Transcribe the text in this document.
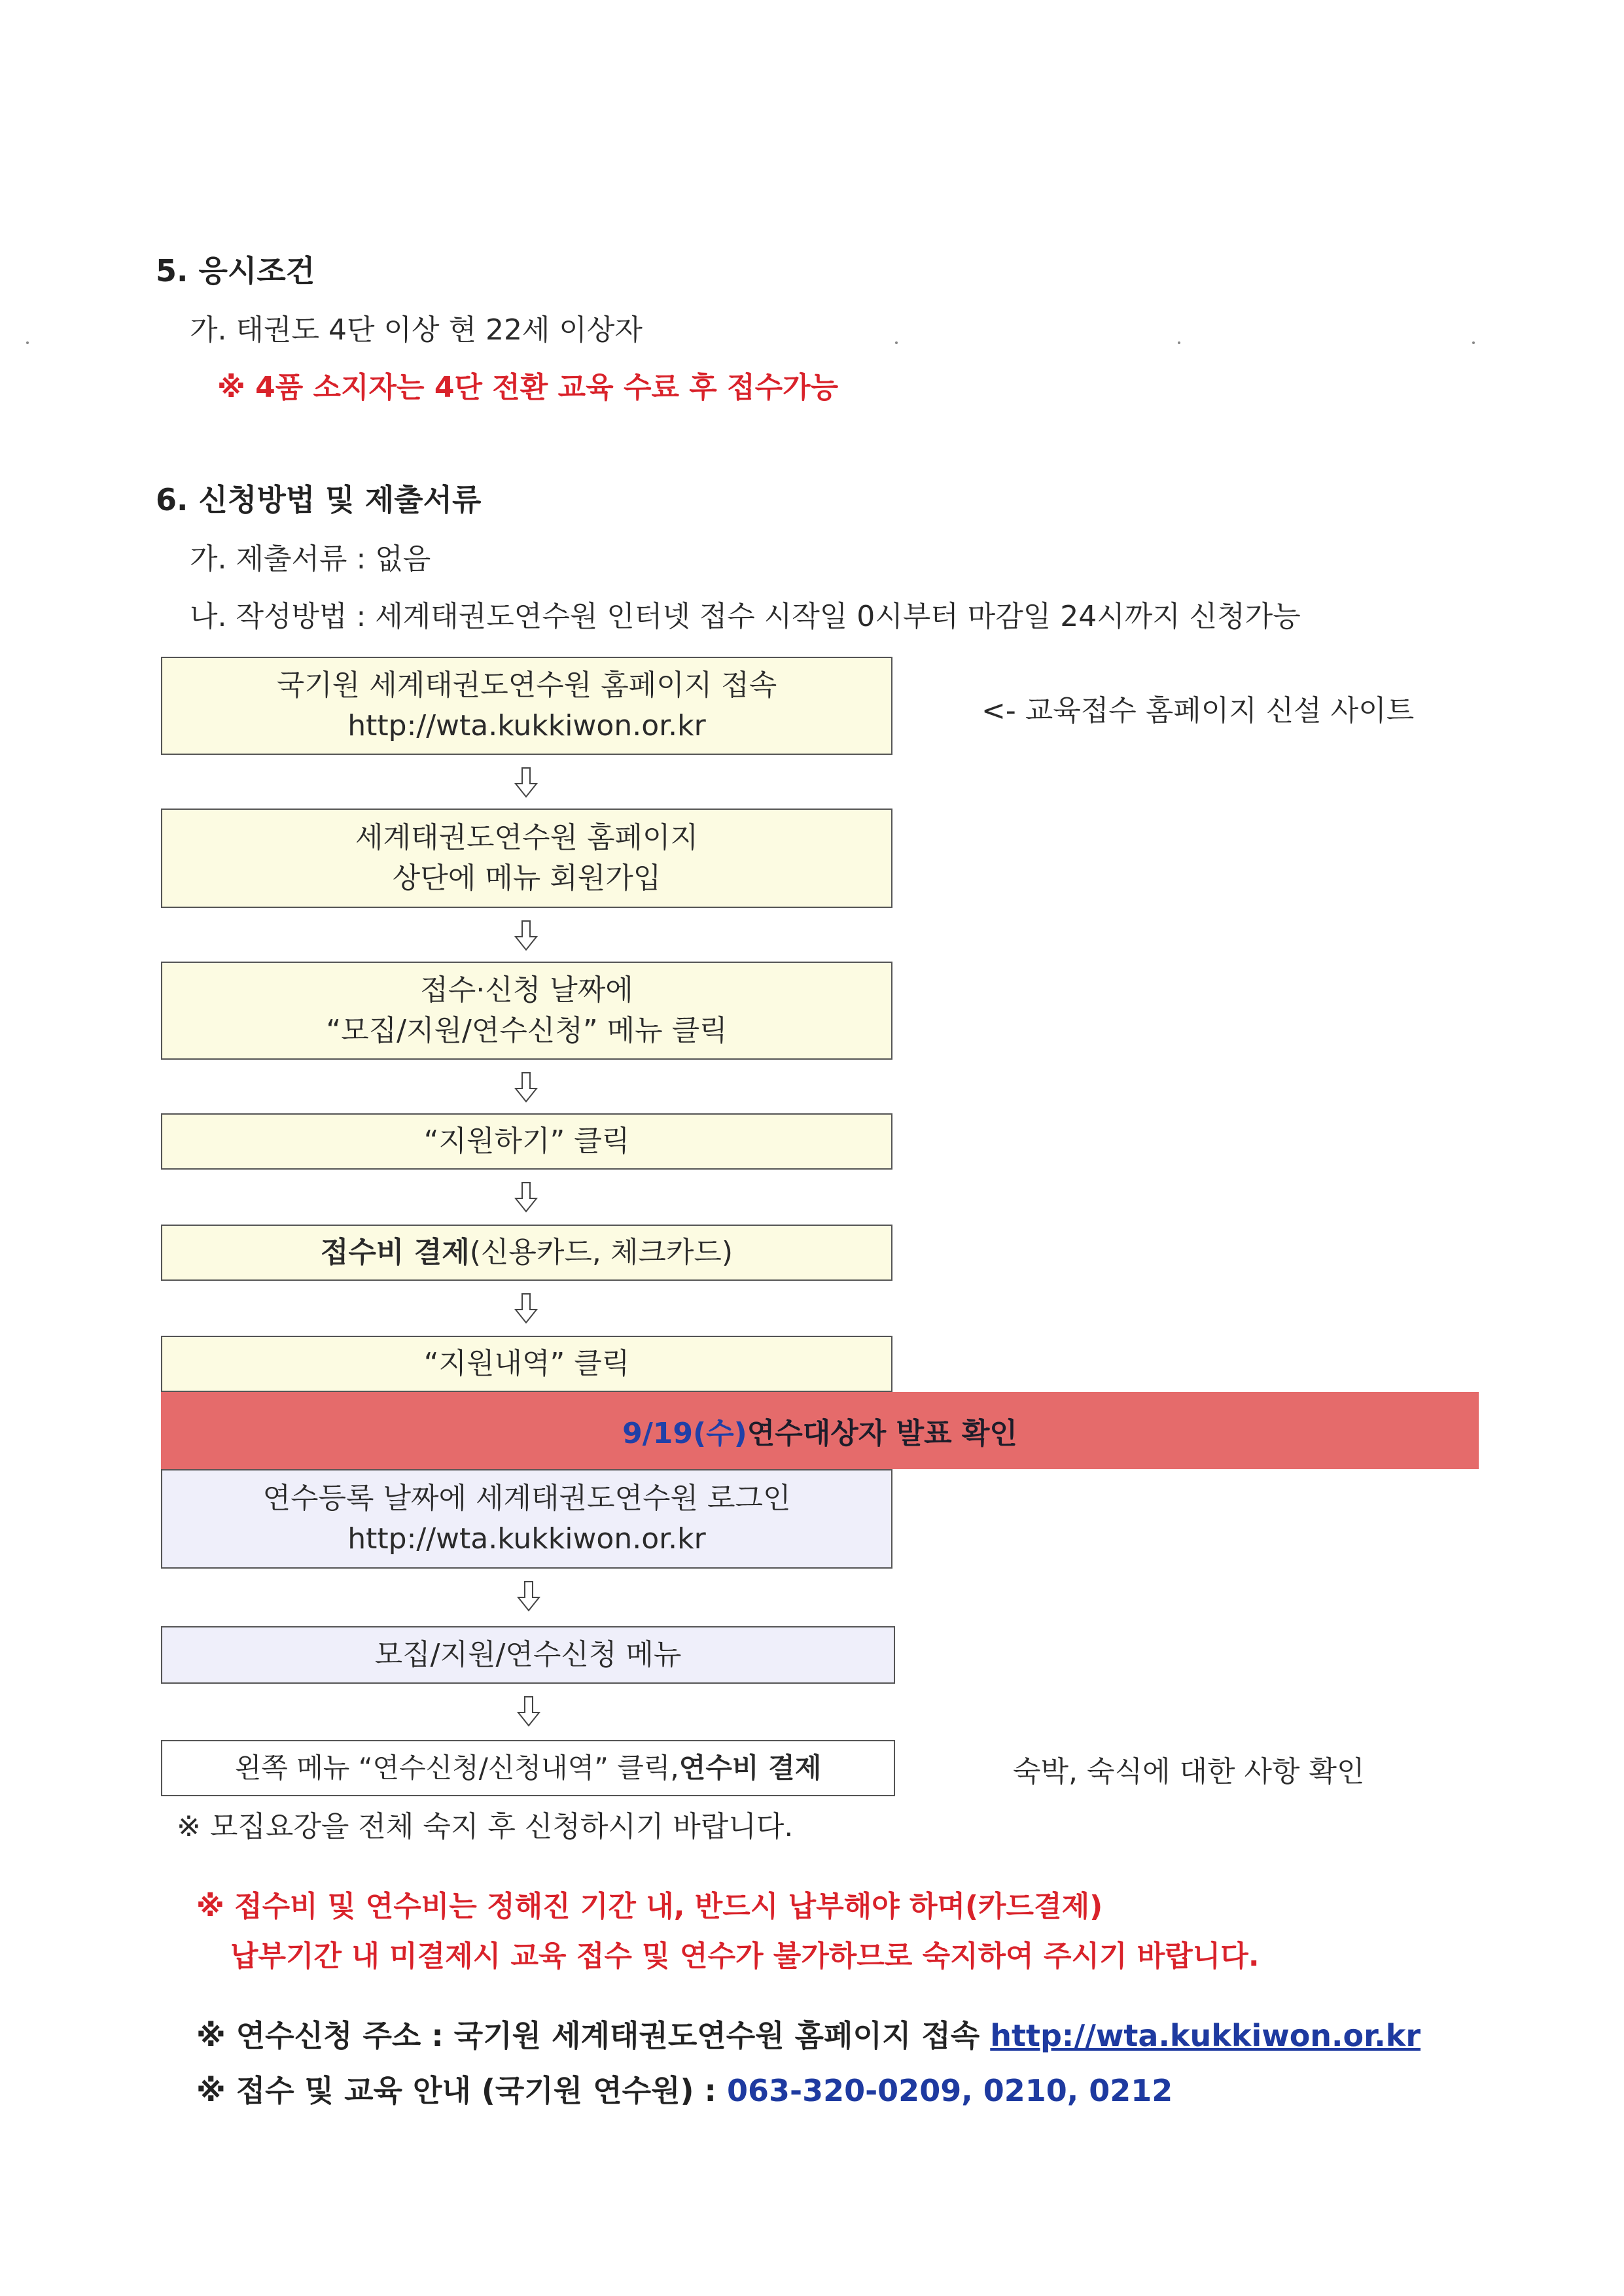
5. 응시조건
가. 태권도 4단 이상 현 22세 이상자
※ 4품 소지자는 4단 전환 교육 수료 후 접수가능
6. 신청방법 및 제출서류
가. 제출서류 : 없음
나. 작성방법 : 세계태권도연수원 인터넷 접수 시작일 0시부터 마감일 24시까지 신청가능
국기원 세계태권도연수원 홈페이지 접속
http://wta.kukkiwon.or.kr	<- 교육접수 홈페이지 신설 사이트
세계태권도연수원 홈페이지
상단에 메뉴 회원가입
접수·신청 날짜에
“모집/지원/연수신청” 메뉴 클릭
“지원하기” 클릭
접수비 결제 (신용카드, 체크카드)
“지원내역” 클릭
9/19(수) 연수대상자 발표 확인
연수등록 날짜에 세계태권도연수원 로그인
http://wta.kukkiwon.or.kr
모집/지원/연수신청 메뉴
왼쪽 메뉴 “연수신청/신청내역” 클릭, 연수비 결제	숙박, 숙식에 대한 사항 확인
※ 모집요강을 전체 숙지 후 신청하시기 바랍니다.
※ 접수비 및 연수비는 정해진 기간 내, 반드시 납부해야 하며(카드결제)
납부기간 내 미결제시 교육 접수 및 연수가 불가하므로 숙지하여 주시기 바랍니다.
※ 연수신청 주소 : 국기원 세계태권도연수원 홈페이지 접속 http://wta.kukkiwon.or.kr
※ 접수 및 교육 안내 (국기원 연수원) : 063-320-0209, 0210, 0212
